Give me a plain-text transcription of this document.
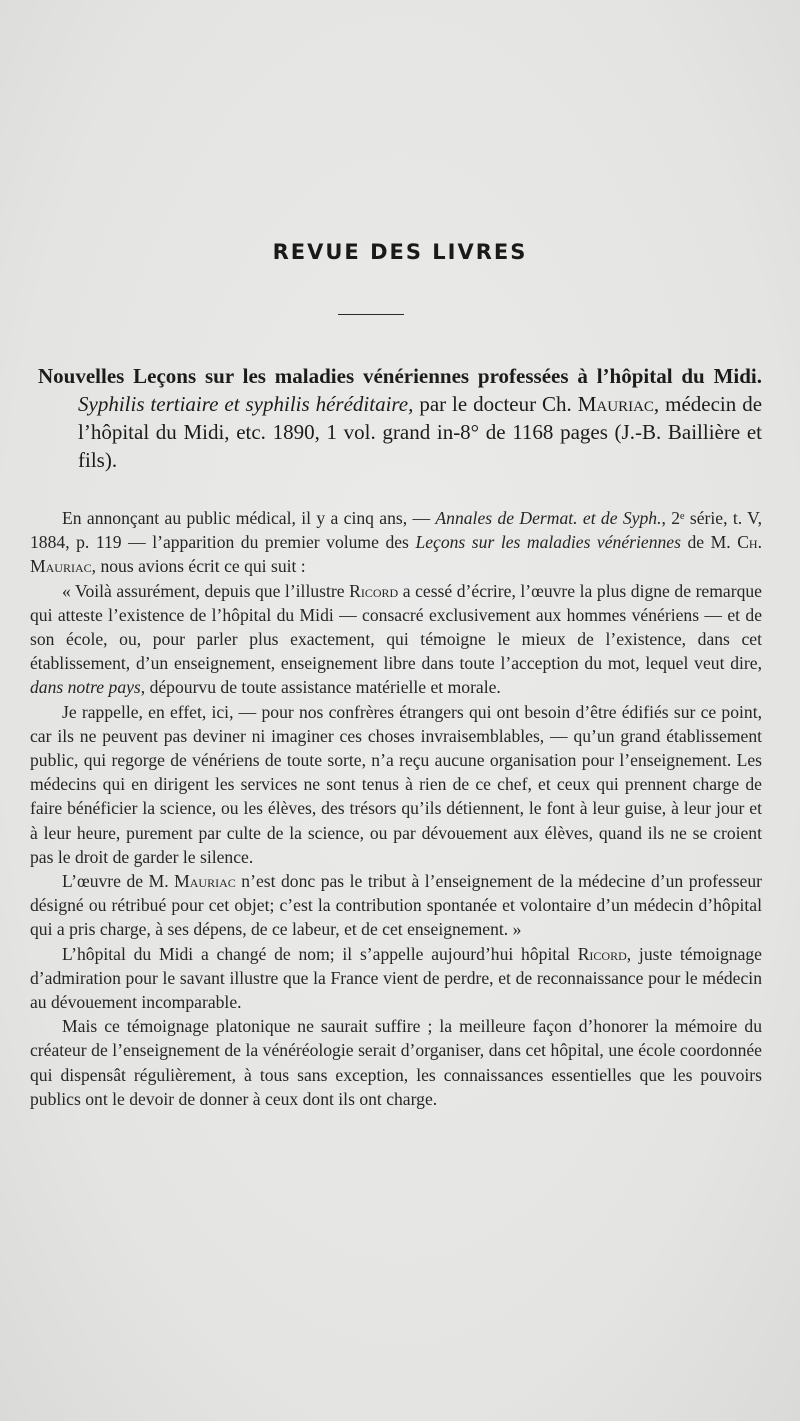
REVUE DES LIVRES
Nouvelles Leçons sur les maladies vénériennes professées à l’hôpital du Midi. Syphilis tertiaire et syphilis héréditaire, par le docteur Ch. Mauriac, médecin de l’hôpital du Midi, etc. 1890, 1 vol. grand in-8° de 1168 pages (J.-B. Baillière et fils).

En annonçant au public médical, il y a cinq ans, — Annales de Dermat. et de Syph., 2ᵉ série, t. V, 1884, p. 119 — l’apparition du premier volume des Leçons sur les maladies vénériennes de M. Ch. Mauriac, nous avions écrit ce qui suit :

« Voilà assurément, depuis que l’illustre Ricord a cessé d’écrire, l’œuvre la plus digne de remarque qui atteste l’existence de l’hôpital du Midi — consacré exclusivement aux hommes vénériens — et de son école, ou, pour parler plus exactement, qui témoigne le mieux de l’existence, dans cet établissement, d’un enseignement, enseignement libre dans toute l’acception du mot, lequel veut dire, dans notre pays, dépourvu de toute assistance matérielle et morale.

Je rappelle, en effet, ici, — pour nos confrères étrangers qui ont besoin d’être édifiés sur ce point, car ils ne peuvent pas deviner ni imaginer ces choses invraisemblables, — qu’un grand établissement public, qui regorge de vénériens de toute sorte, n’a reçu aucune organisation pour l’enseignement. Les médecins qui en dirigent les services ne sont tenus à rien de ce chef, et ceux qui prennent charge de faire bénéficier la science, ou les élèves, des trésors qu’ils détiennent, le font à leur guise, à leur jour et à leur heure, purement par culte de la science, ou par dévouement aux élèves, quand ils ne se croient pas le droit de garder le silence.

L’œuvre de M. Mauriac n’est donc pas le tribut à l’enseignement de la médecine d’un professeur désigné ou rétribué pour cet objet; c’est la contribution spontanée et volontaire d’un médecin d’hôpital qui a pris charge, à ses dépens, de ce labeur, et de cet enseignement. »

L’hôpital du Midi a changé de nom; il s’appelle aujourd’hui hôpital Ricord, juste témoignage d’admiration pour le savant illustre que la France vient de perdre, et de reconnaissance pour le médecin au dévouement incomparable.

Mais ce témoignage platonique ne saurait suffire ; la meilleure façon d’honorer la mémoire du créateur de l’enseignement de la vénéréologie serait d’organiser, dans cet hôpital, une école coordonnée qui dispensât régulièrement, à tous sans exception, les connaissances essentielles que les pouvoirs publics ont le devoir de donner à ceux dont ils ont charge.
